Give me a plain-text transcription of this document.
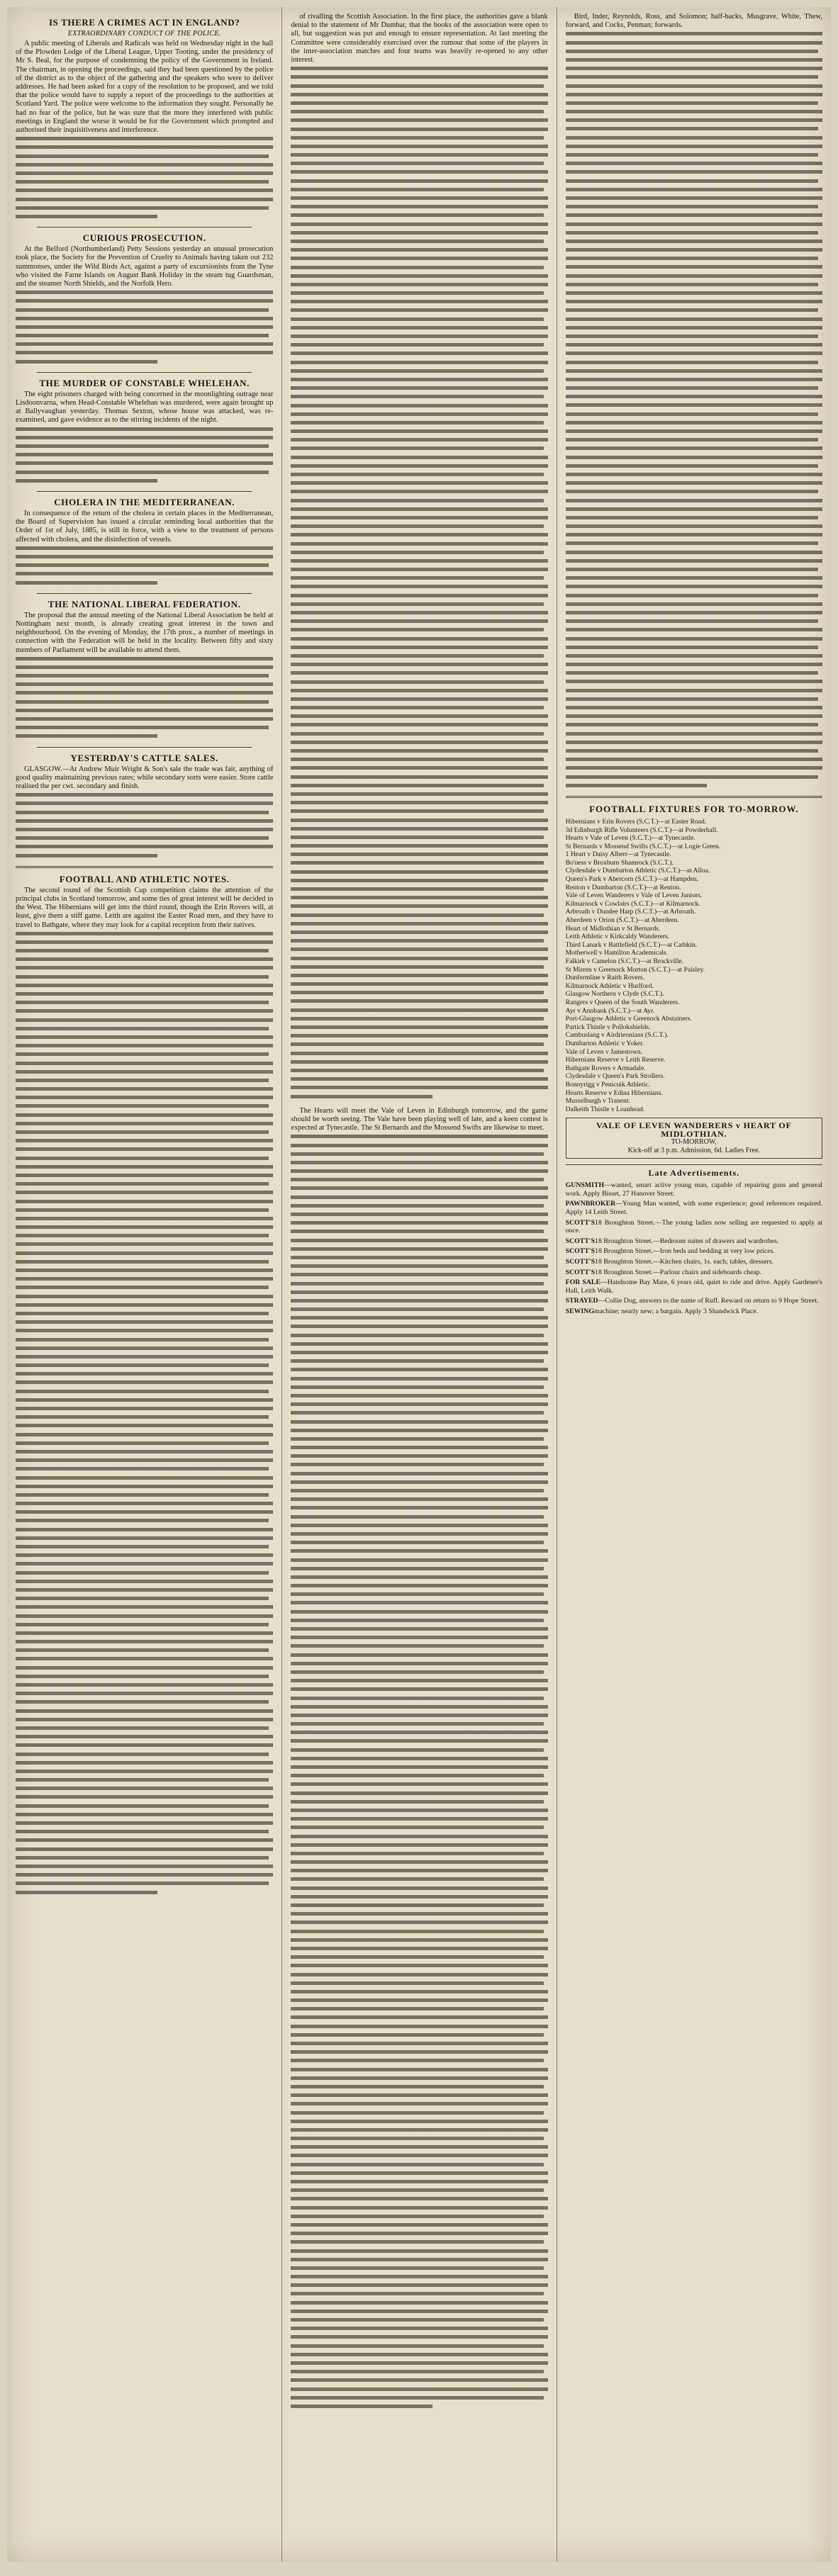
IS THERE A CRIMES ACT IN ENGLAND?
EXTRAORDINARY CONDUCT OF THE POLICE.

A public meeting of Liberals and Radicals was held on Wednesday night in the hall of the Plowden Lodge of the Liberal League, Upper Tooting, under the presidency of Mr S. Beal, for the purpose of condemning the policy of the Government in Ireland. The chairman, in opening the proceedings, said they had been questioned by the police of the district as to the object of the gathering and the speakers who were to deliver addresses. He had been asked for a copy of the resolution to be proposed, and we told that the police would have to supply a report of the proceedings to the authorities at Scotland Yard. The police were welcome to the information they sought. Personally he had no fear of the police, but he was sure that the more they interfered with public meetings in England the worse it would be for the Government which prompted and authorised their inquisitiveness and interference.

CURIOUS PROSECUTION.

At the Belford (Northumberland) Petty Sessions yesterday an unusual prosecution took place, the Society for the Prevention of Cruelty to Animals having taken out 232 summonses, under the Wild Birds Act, against a party of excursionists from the Tyne who visited the Farne Islands on August Bank Holiday in the steam tug Guardsman, and the steamer North Shields, and the Norfolk Hero.

THE MURDER OF CONSTABLE WHELEHAN.

The eight prisoners charged with being concerned in the moonlighting outrage near Lisdoonvarna, when Head-Constable Whelehan was murdered, were again brought up at Ballyvaughan yesterday. Thomas Sexton, whose house was attacked, was re-examined, and gave evidence as to the stirring incidents of the night.

CHOLERA IN THE MEDITERRANEAN.

In consequence of the return of the cholera in certain places in the Mediterranean, the Board of Supervision has issued a circular reminding local authorities that the Order of 1st of July, 1885, is still in force, with a view to the treatment of persons affected with cholera, and the disinfection of vessels.

THE NATIONAL LIBERAL FEDERATION.

The proposal that the annual meeting of the National Liberal Association be held at Nottingham next month, is already creating great interest in the town and neighbourhood. On the evening of Monday, the 17th prox., a number of meetings in connection with the Federation will be held in the locality. Between fifty and sixty members of Parliament will be available to attend them.

YESTERDAY'S CATTLE SALES.

GLASGOW.—At Andrew Muir Wright & Son's sale the trade was fair, anything of good quality maintaining previous rates; while secondary sorts were easier. Store cattle realised the per cwt. secondary and finish.

FOOTBALL AND ATHLETIC NOTES.

The second round of the Scottish Cup competition claims the attention of the principal clubs in Scotland tomorrow, and some ties of great interest will be decided in the West. The Hibernians will get into the third round, though the Erin Rovers will, at least, give them a stiff game. Leith are against the Easter Road men, and they have to travel to Bathgate, where they may look for a capital reception from their natives.

of rivalling the Scottish Association. In the first place, the authorities gave a blank denial to the statement of Mr Dumbar, that the books of the association were open to all, but suggestion was put and enough to ensure representation. At last meeting the Committee were considerably exercised over the rumour that some of the players in the inter-association matches and four teams was heavily re-opened to any other interest.

The Hearts will meet the Vale of Leven in Edinburgh tomorrow, and the game should be worth seeing. The Vale have been playing well of late, and a keen contest is expected at Tynecastle. The St Bernards and the Mossend Swifts are likewise to meet.

Bird, Inder, Reynolds, Ross, and Solomon; half-backs, Musgrave, White, Thew, forward, and Cocks, Penman; forwards.

FOOTBALL FIXTURES FOR TO-MORROW.
Hibernians v Erin Rovers (S.C.T.)—at Easter Road.
3d Edinburgh Rifle Volunteers (S.C.T.)—at Powderhall.
Hearts v Vale of Leven (S.C.T.)—at Tynecastle.
St Bernards v Mossend Swifts (S.C.T.)—at Logie Green.
1 Heart v Daisy Albert—at Tynecastle.
Bo'ness v Broxburn Shamrock (S.C.T.).
Clydesdale v Dumbarton Athletic (S.C.T.)—at Alloa.
Queen's Park v Abercorn (S.C.T.)—at Hampden.
Renton v Dumbarton (S.C.T.)—at Renton.
Vale of Leven Wanderers v Vale of Leven Juniors.
Kilmarnock v Cowlairs (S.C.T.)—at Kilmarnock.
Arbroath v Dundee Harp (S.C.T.)—at Arbroath.
Aberdeen v Orion (S.C.T.)—at Aberdeen.
Heart of Midlothian v St Bernards.
Leith Athletic v Kirkcaldy Wanderers.
Third Lanark v Battlefield (S.C.T.)—at Cathkin.
Motherwell v Hamilton Academicals.
Falkirk v Camelon (S.C.T.)—at Brockville.
St Mirren v Greenock Morton (S.C.T.)—at Paisley.
Dunfermline v Raith Rovers.
Kilmarnock Athletic v Hurlford.
Glasgow Northern v Clyde (S.C.T.).
Rangers v Queen of the South Wanderers.
Ayr v Annbank (S.C.T.)—at Ayr.
Port-Glasgow Athletic v Greenock Abstainers.
Partick Thistle v Pollokshields.
Cambuslang v Airdrieonians (S.C.T.).
Dumbarton Athletic v Yoker.
Vale of Leven v Jamestown.
Hibernians Reserve v Leith Reserve.
Bathgate Rovers v Armadale.
Clydesdale v Queen's Park Strollers.
Bonnyrigg v Penicuik Athletic.
Hearts Reserve v Edina Hibernians.
Musselburgh v Tranent.
Dalkeith Thistle v Loanhead.
VALE OF LEVEN WANDERERS v HEART OF MIDLOTHIAN.
TO-MORROW,
Kick-off at 3 p.m. Admission, 6d. Ladies Free.
Late Advertisements.

GUNSMITH—wanted, smart active young man, capable of repairing guns and general work. Apply Bisset, 27 Hanover Street.

PAWNBROKER—Young Man wanted, with some experience; good references required. Apply 14 Leith Street.

SCOTT'S18 Broughton Street.—The young ladies now selling are requested to apply at once.

SCOTT'S18 Broughton Street.—Bedroom suites of drawers and wardrobes.

SCOTT'S18 Broughton Street.—Iron beds and bedding at very low prices.

SCOTT'S18 Broughton Street.—Kitchen chairs, 1s. each; tables, dressers.

SCOTT'S18 Broughton Street.—Parlour chairs and sideboards cheap.

FOR SALE—Handsome Bay Mare, 6 years old, quiet to ride and drive. Apply Gardener's Hall, Leith Walk.

STRAYED—Collie Dog, answers to the name of Ruff. Reward on return to 9 Hope Street.

SEWINGmachine; nearly new; a bargain. Apply 3 Shandwick Place.
